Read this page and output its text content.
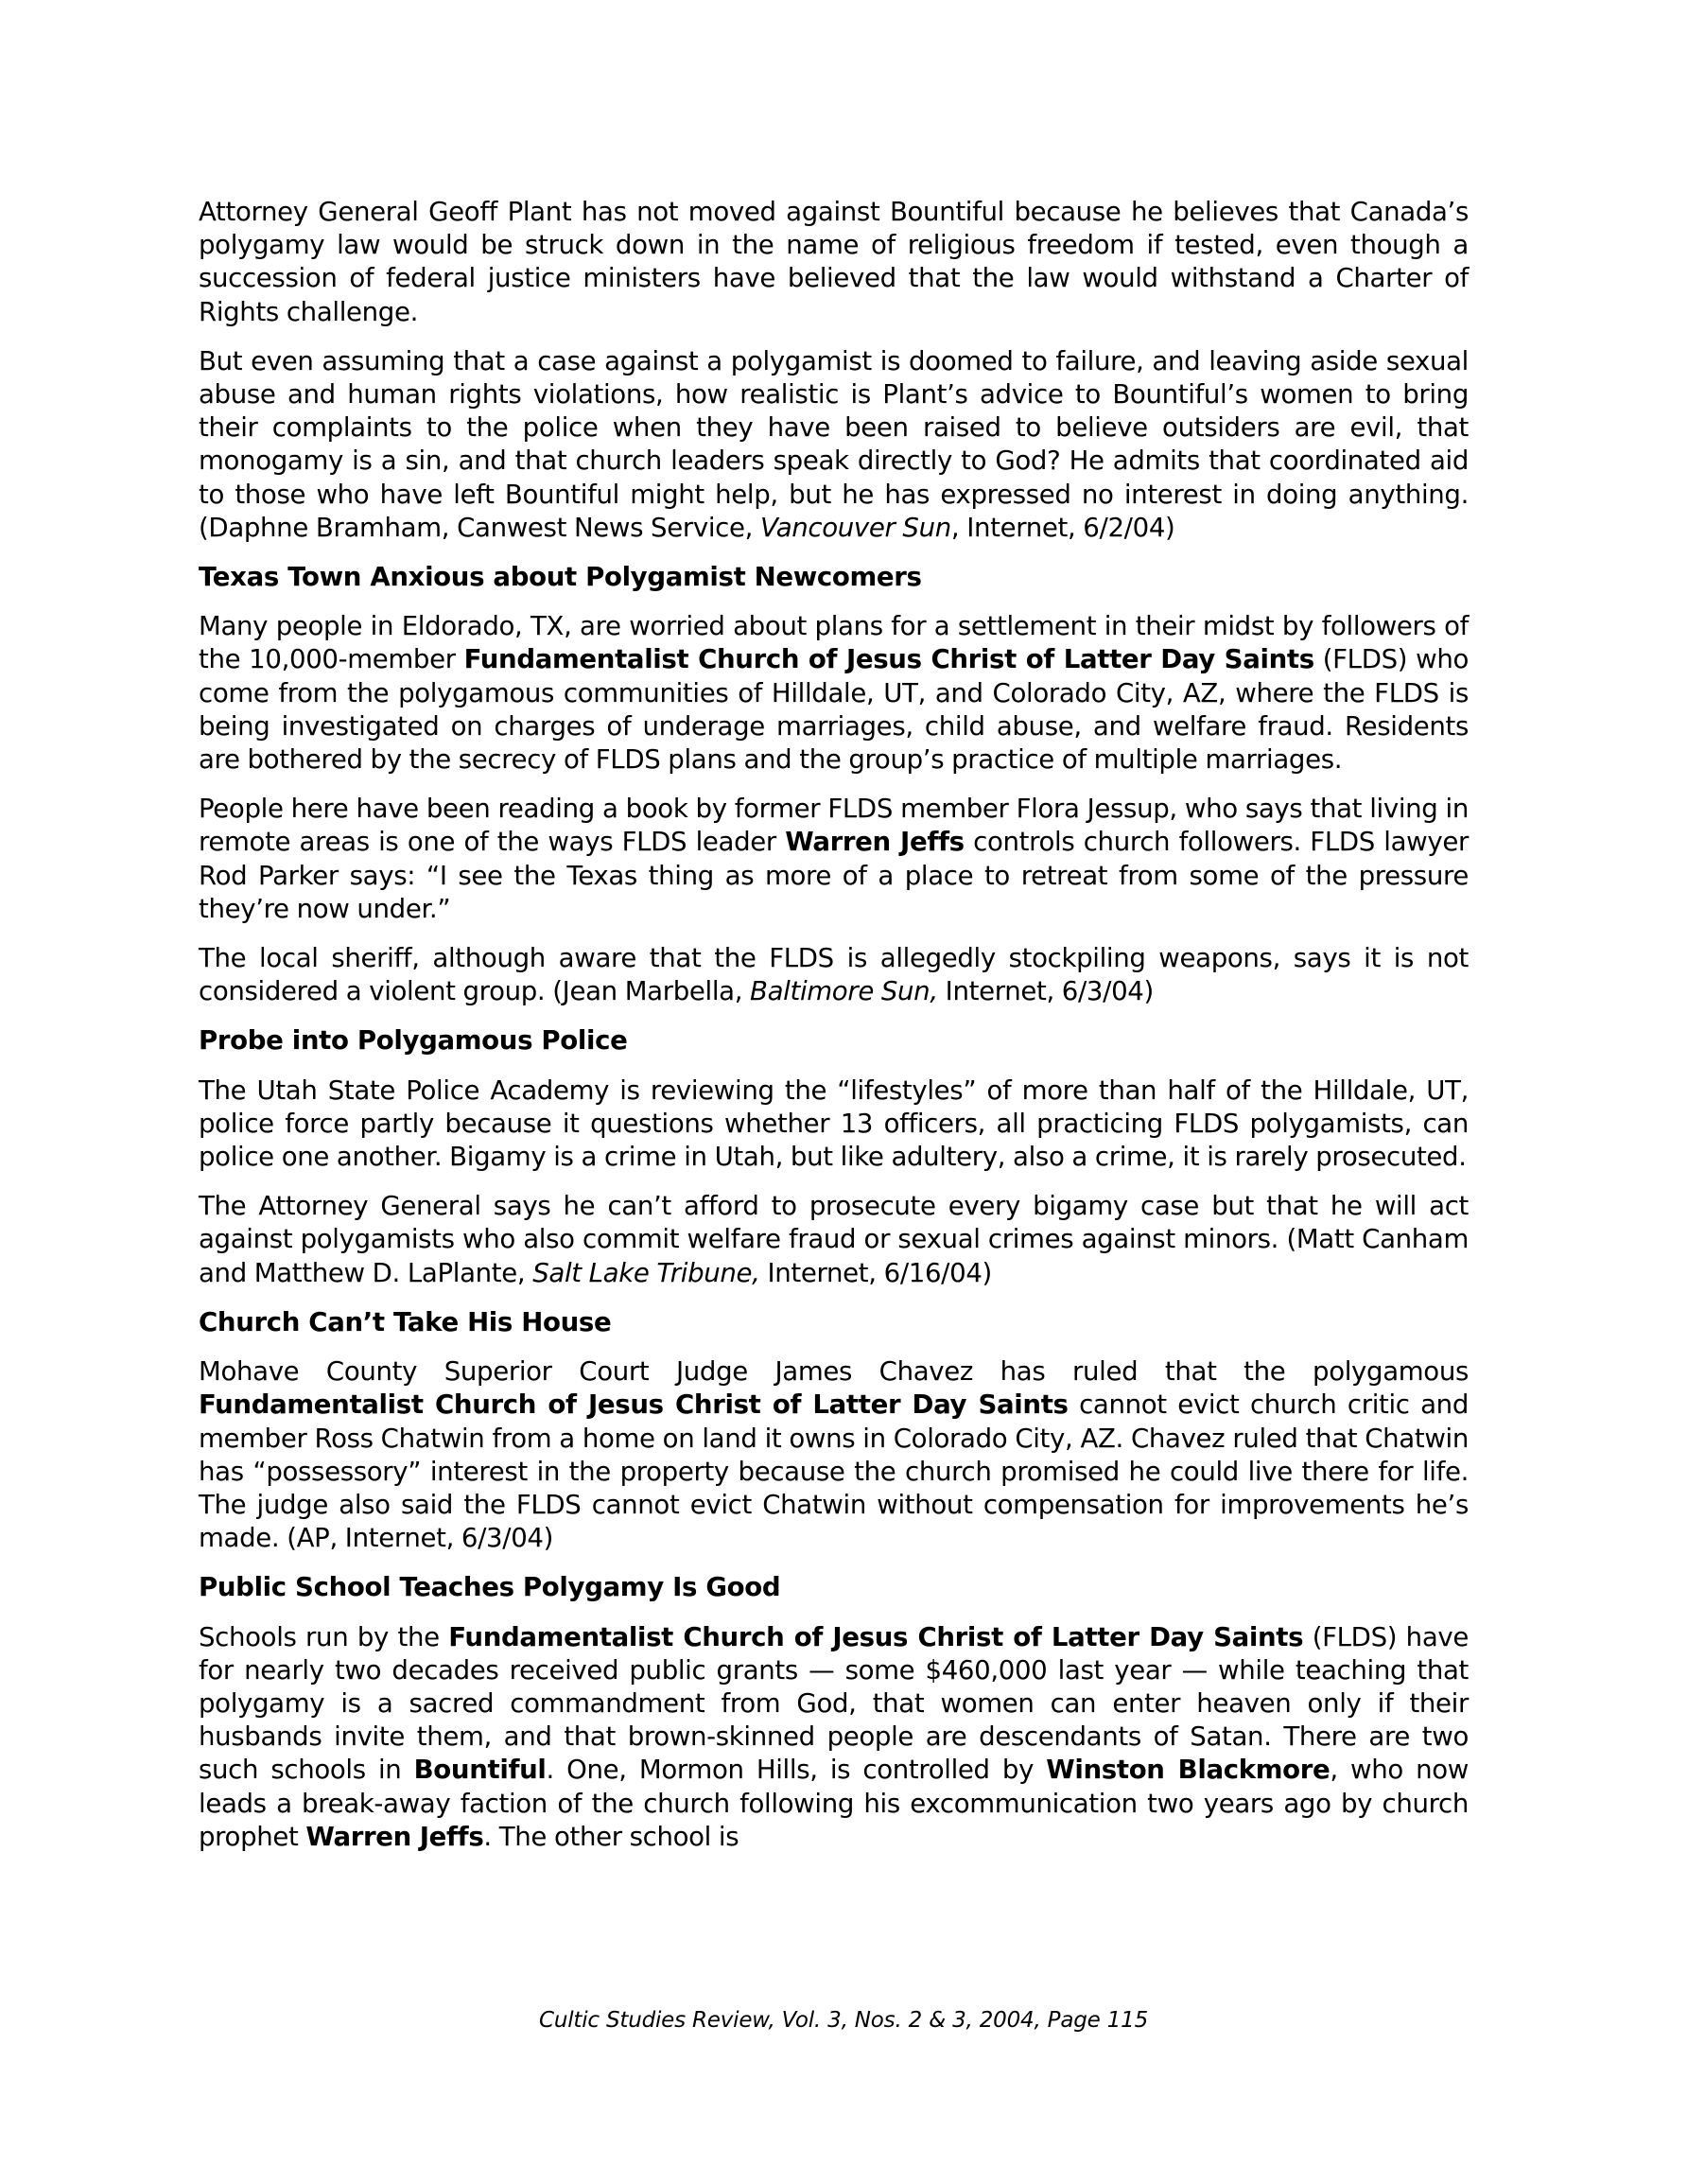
Attorney General Geoff Plant has not moved against Bountiful because he believes that Canada’s polygamy law would be struck down in the name of religious freedom if tested, even though a succession of federal justice ministers have believed that the law would withstand a Charter of Rights challenge.

But even assuming that a case against a polygamist is doomed to failure, and leaving aside sexual abuse and human rights violations, how realistic is Plant’s advice to Bountiful’s women to bring their complaints to the police when they have been raised to believe outsiders are evil, that monogamy is a sin, and that church leaders speak directly to God? He admits that coordinated aid to those who have left Bountiful might help, but he has expressed no interest in doing anything. (Daphne Bramham, Canwest News Service, Vancouver Sun, Internet, 6/2/04)

Texas Town Anxious about Polygamist Newcomers

Many people in Eldorado, TX, are worried about plans for a settlement in their midst by followers of the 10,000-member Fundamentalist Church of Jesus Christ of Latter Day Saints (FLDS) who come from the polygamous communities of Hilldale, UT, and Colorado City, AZ, where the FLDS is being investigated on charges of underage marriages, child abuse, and welfare fraud. Residents are bothered by the secrecy of FLDS plans and the group’s practice of multiple marriages.

People here have been reading a book by former FLDS member Flora Jessup, who says that living in remote areas is one of the ways FLDS leader Warren Jeffs controls church followers. FLDS lawyer Rod Parker says: “I see the Texas thing as more of a place to retreat from some of the pressure they’re now under.”

The local sheriff, although aware that the FLDS is allegedly stockpiling weapons, says it is not considered a violent group. (Jean Marbella, Baltimore Sun, Internet, 6/3/04)

Probe into Polygamous Police

The Utah State Police Academy is reviewing the “lifestyles” of more than half of the Hilldale, UT, police force partly because it questions whether 13 officers, all practicing FLDS polygamists, can police one another. Bigamy is a crime in Utah, but like adultery, also a crime, it is rarely prosecuted.

The Attorney General says he can’t afford to prosecute every bigamy case but that he will act against polygamists who also commit welfare fraud or sexual crimes against minors. (Matt Canham and Matthew D. LaPlante, Salt Lake Tribune, Internet, 6/16/04)

Church Can’t Take His House

Mohave County Superior Court Judge James Chavez has ruled that the polygamous Fundamentalist Church of Jesus Christ of Latter Day Saints cannot evict church critic and member Ross Chatwin from a home on land it owns in Colorado City, AZ. Chavez ruled that Chatwin has “possessory” interest in the property because the church promised he could live there for life. The judge also said the FLDS cannot evict Chatwin without compensation for improvements he’s made. (AP, Internet, 6/3/04)

Public School Teaches Polygamy Is Good

Schools run by the Fundamentalist Church of Jesus Christ of Latter Day Saints (FLDS) have for nearly two decades received public grants — some $460,000 last year — while teaching that polygamy is a sacred commandment from God, that women can enter heaven only if their husbands invite them, and that brown-skinned people are descendants of Satan. There are two such schools in Bountiful. One, Mormon Hills, is controlled by Winston Blackmore, who now leads a break-away faction of the church following his excommunication two years ago by church prophet Warren Jeffs. The other school is

Cultic Studies Review, Vol. 3, Nos. 2 & 3, 2004, Page 115
